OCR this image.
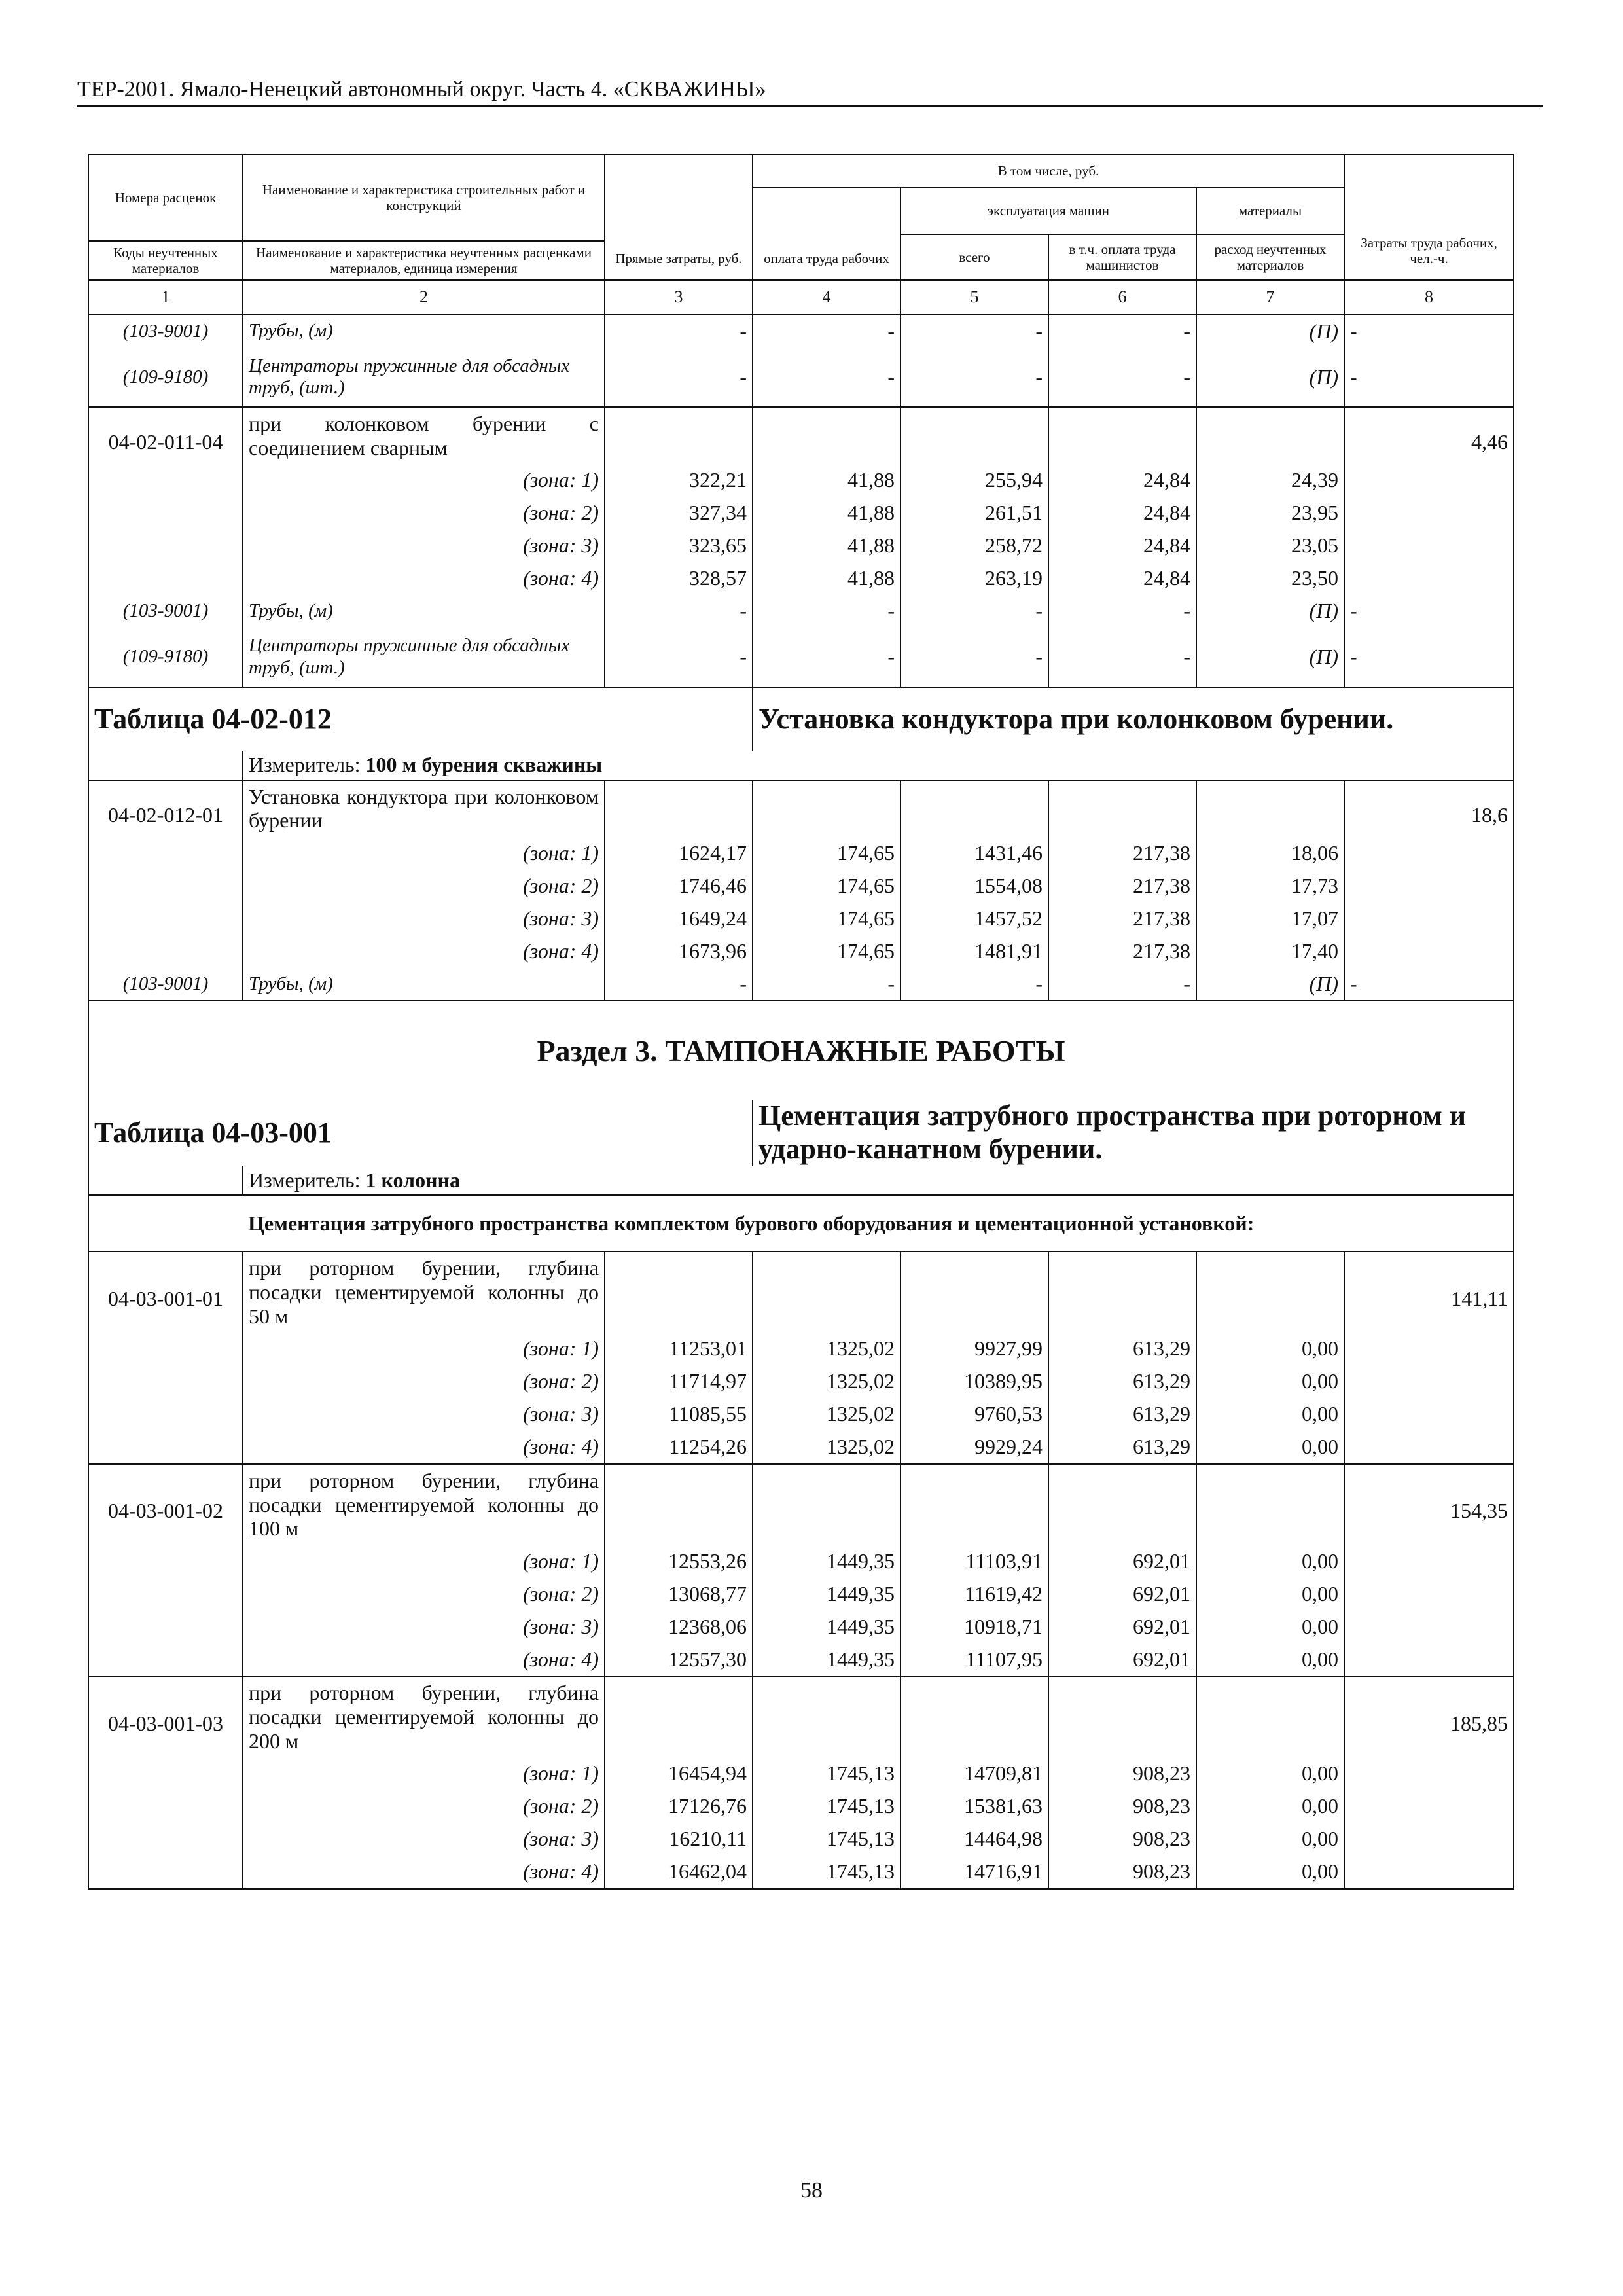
ТЕР-2001. Ямало-Ненецкий автономный округ. Часть 4. «СКВАЖИНЫ»
Номера расценок	Наименование и характеристика строительных работ и конструкций	Прямые затраты, руб.	В том числе, руб.				Затраты труда рабочих, чел.-ч.
			оплата труда рабочих	эксплуатация машин		материалы	
				всего	в т.ч. оплата труда машинистов	расход неучтенных материалов	
Коды неучтенных материалов	Наименование и характеристика неучтенных расценками материалов, единица измерения						

1	2	3	4	5	6	7	8
(103-9001)	Трубы, (м)	-	-	-	-	(П)	-
(109-9180)	Центраторы пружинные для обсадных труб, (шт.)	-	-	-	-	(П)	-
04-02-011-04	при колонковом бурении с соединением сварным						4,46
	(зона: 1)	322,21	41,88	255,94	24,84	24,39	
	(зона: 2)	327,34	41,88	261,51	24,84	23,95	
	(зона: 3)	323,65	41,88	258,72	24,84	23,05	
	(зона: 4)	328,57	41,88	263,19	24,84	23,50	
(103-9001)	Трубы, (м)	-	-	-	-	(П)	-
(109-9180)	Центраторы пружинные для обсадных труб, (шт.)	-	-	-	-	(П)	-
Таблица 04-02-012			Установка кондуктора при колонковом бурении.				
	Измеритель: 100 м бурения скважины						
04-02-012-01	Установка кондуктора при колонковом бурении						18,6
	(зона: 1)	1624,17	174,65	1431,46	217,38	18,06	
	(зона: 2)	1746,46	174,65	1554,08	217,38	17,73	
	(зона: 3)	1649,24	174,65	1457,52	217,38	17,07	
	(зона: 4)	1673,96	174,65	1481,91	217,38	17,40	
(103-9001)	Трубы, (м)	-	-	-	-	(П)	-
Раздел 3. ТАМПОНАЖНЫЕ РАБОТЫ							
Таблица 04-03-001			Цементация затрубного пространства при роторном и ударно-канатном бурении.				
	Измеритель: 1 колонна						
	Цементация затрубного пространства комплектом бурового оборудования и цементационной установкой:						
04-03-001-01	при роторном бурении, глубина посадки цементируемой колонны до 50 м						141,11
	(зона: 1)	11253,01	1325,02	9927,99	613,29	0,00	
	(зона: 2)	11714,97	1325,02	10389,95	613,29	0,00	
	(зона: 3)	11085,55	1325,02	9760,53	613,29	0,00	
	(зона: 4)	11254,26	1325,02	9929,24	613,29	0,00	
04-03-001-02	при роторном бурении, глубина посадки цементируемой колонны до 100 м						154,35
	(зона: 1)	12553,26	1449,35	11103,91	692,01	0,00	
	(зона: 2)	13068,77	1449,35	11619,42	692,01	0,00	
	(зона: 3)	12368,06	1449,35	10918,71	692,01	0,00	
	(зона: 4)	12557,30	1449,35	11107,95	692,01	0,00	
04-03-001-03	при роторном бурении, глубина посадки цементируемой колонны до 200 м						185,85
	(зона: 1)	16454,94	1745,13	14709,81	908,23	0,00	
	(зона: 2)	17126,76	1745,13	15381,63	908,23	0,00	
	(зона: 3)	16210,11	1745,13	14464,98	908,23	0,00	
	(зона: 4)	16462,04	1745,13	14716,91	908,23	0,00	
58
